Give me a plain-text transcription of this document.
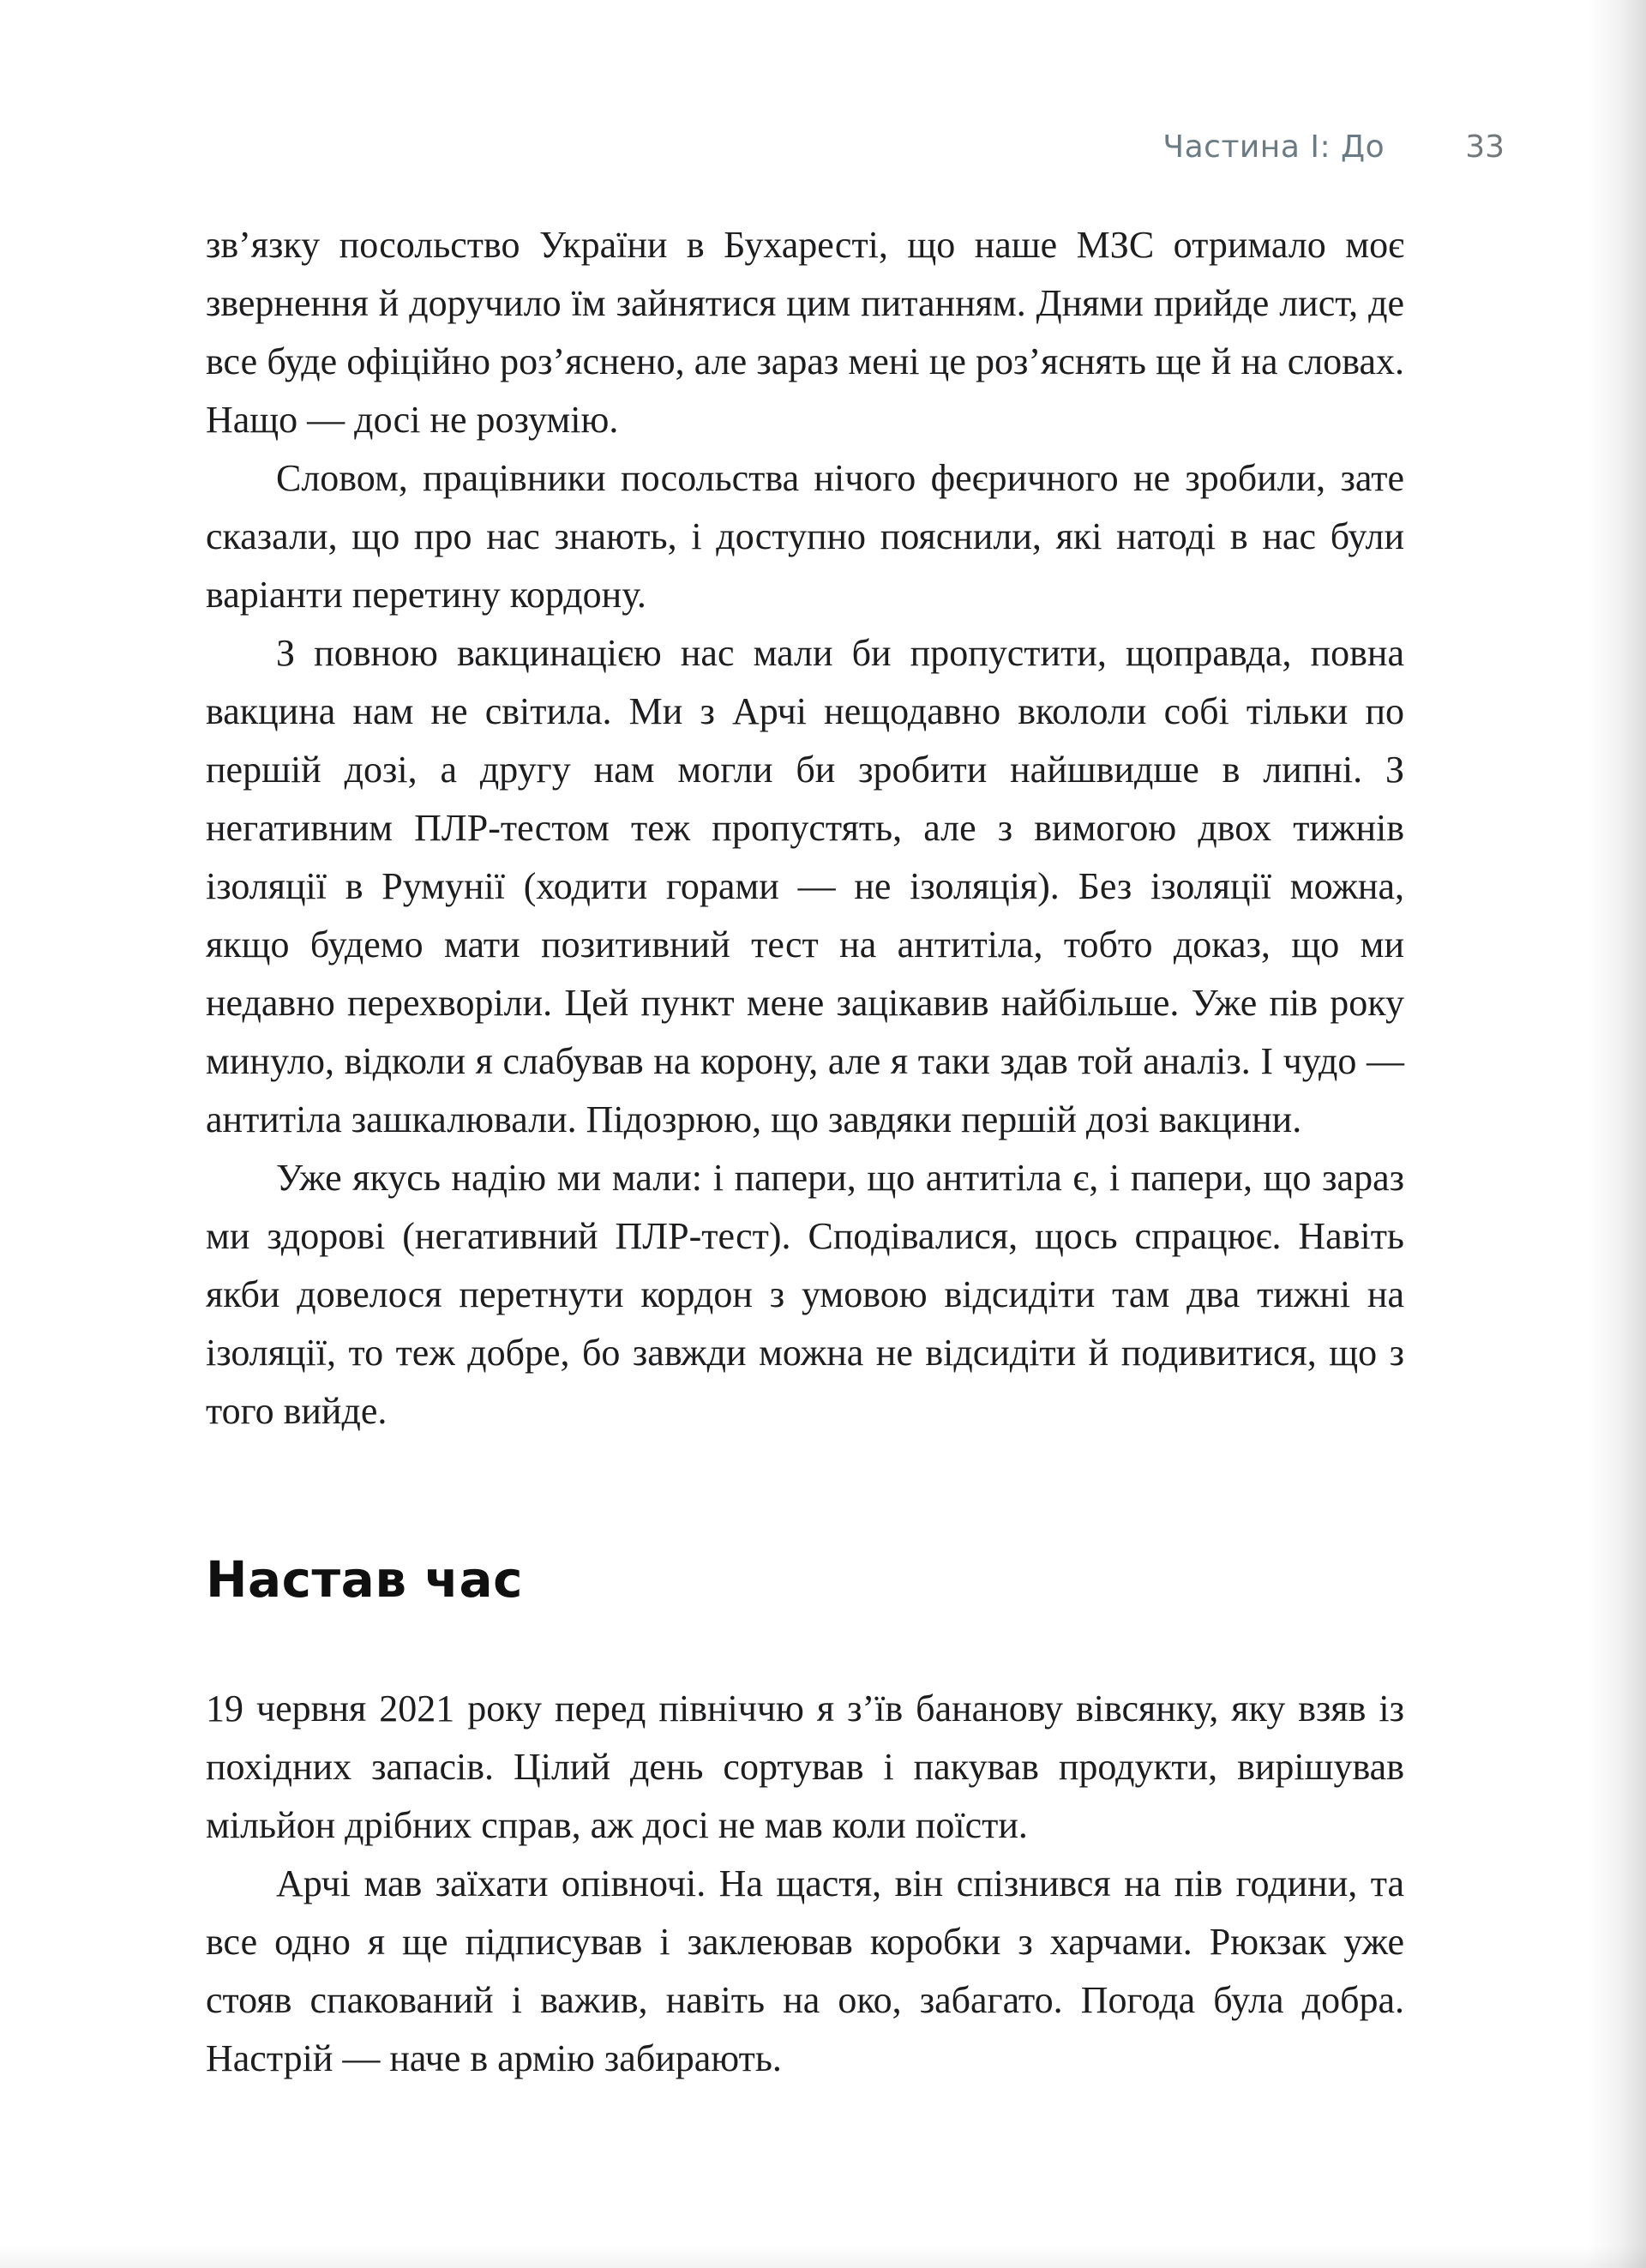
Частина І: До	33

зв’язку посольство України в Бухаресті, що наше МЗС отримало моє звернення й доручило їм зайнятися цим питанням. Днями прийде лист, де все буде офіційно роз’яснено, але зараз мені це роз’яснять ще й на словах. Нащо — досі не розумію.

Словом, працівники посольства нічого феєричного не зробили, зате сказали, що про нас знають, і доступно пояснили, які натоді в нас були варіанти перетину кордону.

З повною вакцинацією нас мали би пропустити, щоправда, повна вакцина нам не світила. Ми з Арчі нещодавно вкололи собі тільки по першій дозі, а другу нам могли би зробити найшвидше в липні. З негативним ПЛР-тестом теж пропустять, але з вимогою двох тижнів ізоляції в Румунії (ходити горами — не ізоляція). Без ізоляції можна, якщо будемо мати позитивний тест на антитіла, тобто доказ, що ми недавно перехворіли. Цей пункт мене зацікавив найбільше. Уже пів року минуло, відколи я слабував на корону, але я таки здав той аналіз. І чудо — антитіла зашкалювали. Підозрюю, що завдяки першій дозі вакцини.

Уже якусь надію ми мали: і папери, що антитіла є, і папери, що зараз ми здорові (негативний ПЛР-тест). Сподівалися, щось спрацює. Навіть якби довелося перетнути кордон з умовою відсидіти там два тижні на ізоляції, то теж добре, бо завжди можна не відсидіти й подивитися, що з того вийде.

Настав час

19 червня 2021 року перед північчю я з’їв бананову вівсянку, яку взяв із похідних запасів. Цілий день сортував і пакував продукти, вирішував мільйон дрібних справ, аж досі не мав коли поїсти.

Арчі мав заїхати опівночі. На щастя, він спізнився на пів години, та все одно я ще підписував і заклеював коробки з харчами. Рюкзак уже стояв спакований і важив, навіть на око, забагато. Погода була добра. Настрій — наче в армію забирають.
